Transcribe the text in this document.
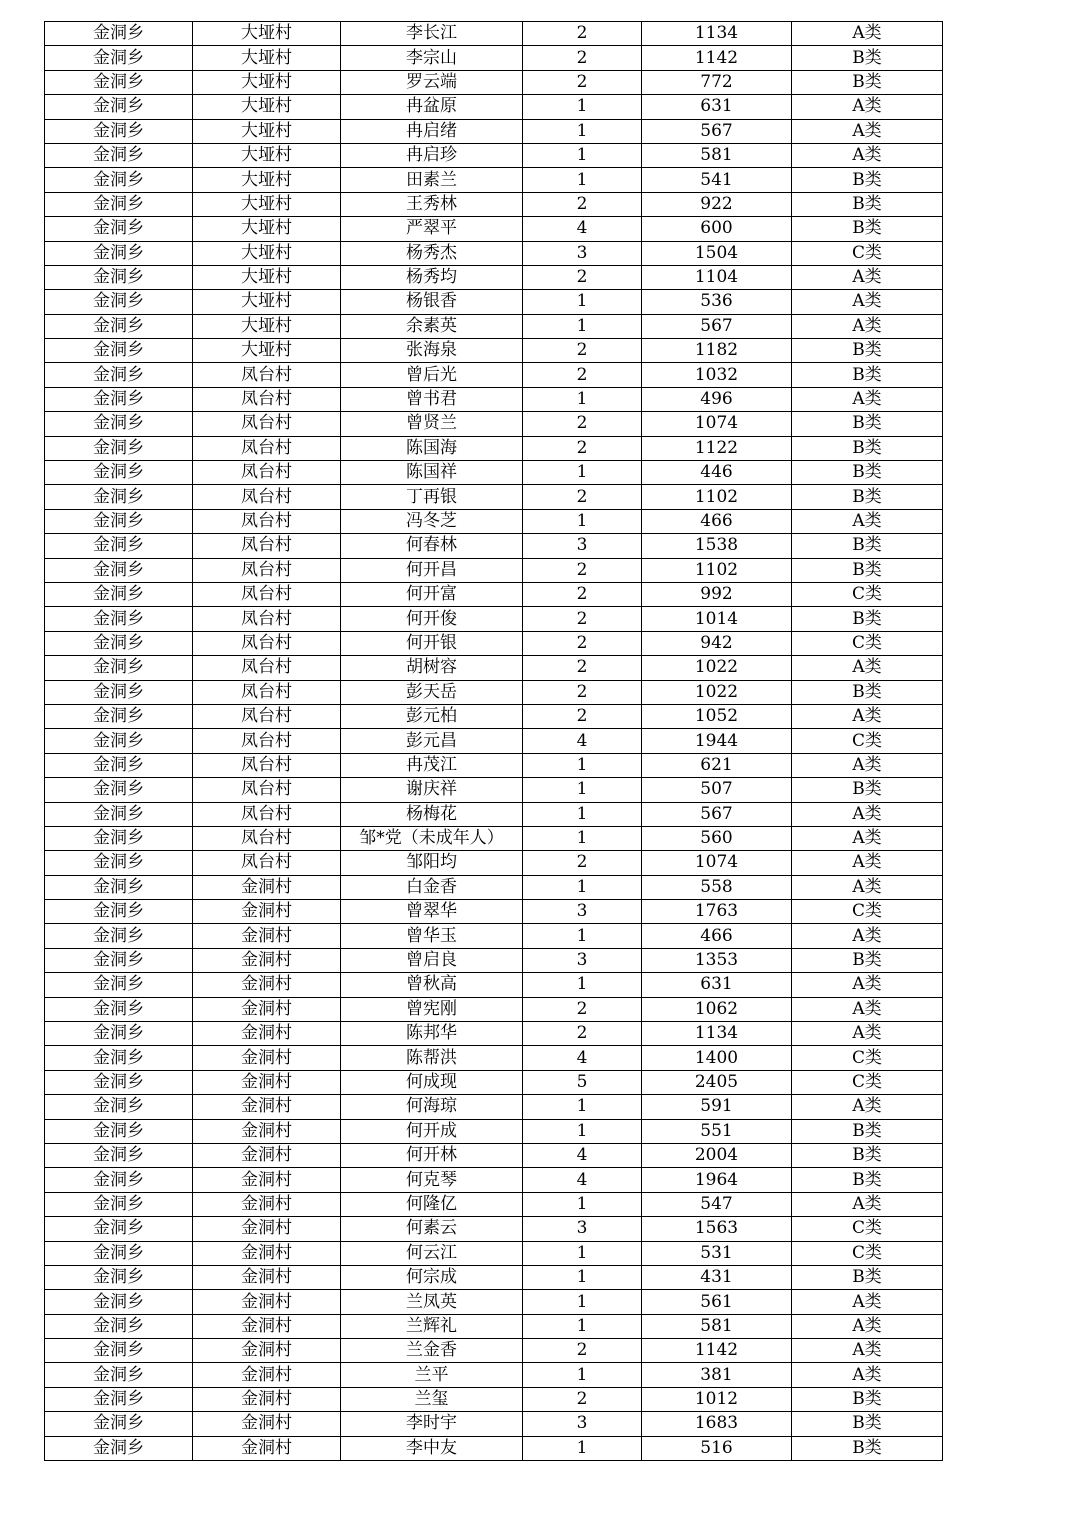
金洞乡	大垭村	李长江	2	1134	A类
金洞乡	大垭村	李宗山	2	1142	B类
金洞乡	大垭村	罗云端	2	772	B类
金洞乡	大垭村	冉盆原	1	631	A类
金洞乡	大垭村	冉启绪	1	567	A类
金洞乡	大垭村	冉启珍	1	581	A类
金洞乡	大垭村	田素兰	1	541	B类
金洞乡	大垭村	王秀林	2	922	B类
金洞乡	大垭村	严翠平	4	600	B类
金洞乡	大垭村	杨秀杰	3	1504	C类
金洞乡	大垭村	杨秀均	2	1104	A类
金洞乡	大垭村	杨银香	1	536	A类
金洞乡	大垭村	余素英	1	567	A类
金洞乡	大垭村	张海泉	2	1182	B类
金洞乡	凤台村	曾后光	2	1032	B类
金洞乡	凤台村	曾书君	1	496	A类
金洞乡	凤台村	曾贤兰	2	1074	B类
金洞乡	凤台村	陈国海	2	1122	B类
金洞乡	凤台村	陈国祥	1	446	B类
金洞乡	凤台村	丁再银	2	1102	B类
金洞乡	凤台村	冯冬芝	1	466	A类
金洞乡	凤台村	何春林	3	1538	B类
金洞乡	凤台村	何开昌	2	1102	B类
金洞乡	凤台村	何开富	2	992	C类
金洞乡	凤台村	何开俊	2	1014	B类
金洞乡	凤台村	何开银	2	942	C类
金洞乡	凤台村	胡树容	2	1022	A类
金洞乡	凤台村	彭天岳	2	1022	B类
金洞乡	凤台村	彭元柏	2	1052	A类
金洞乡	凤台村	彭元昌	4	1944	C类
金洞乡	凤台村	冉茂江	1	621	A类
金洞乡	凤台村	谢庆祥	1	507	B类
金洞乡	凤台村	杨梅花	1	567	A类
金洞乡	凤台村	邹*党（未成年人）	1	560	A类
金洞乡	凤台村	邹阳均	2	1074	A类
金洞乡	金洞村	白金香	1	558	A类
金洞乡	金洞村	曾翠华	3	1763	C类
金洞乡	金洞村	曾华玉	1	466	A类
金洞乡	金洞村	曾启良	3	1353	B类
金洞乡	金洞村	曾秋高	1	631	A类
金洞乡	金洞村	曾宪刚	2	1062	A类
金洞乡	金洞村	陈邦华	2	1134	A类
金洞乡	金洞村	陈帮洪	4	1400	C类
金洞乡	金洞村	何成现	5	2405	C类
金洞乡	金洞村	何海琼	1	591	A类
金洞乡	金洞村	何开成	1	551	B类
金洞乡	金洞村	何开林	4	2004	B类
金洞乡	金洞村	何克琴	4	1964	B类
金洞乡	金洞村	何隆亿	1	547	A类
金洞乡	金洞村	何素云	3	1563	C类
金洞乡	金洞村	何云江	1	531	C类
金洞乡	金洞村	何宗成	1	431	B类
金洞乡	金洞村	兰凤英	1	561	A类
金洞乡	金洞村	兰辉礼	1	581	A类
金洞乡	金洞村	兰金香	2	1142	A类
金洞乡	金洞村	兰平	1	381	A类
金洞乡	金洞村	兰玺	2	1012	B类
金洞乡	金洞村	李时宇	3	1683	B类
金洞乡	金洞村	李中友	1	516	B类
